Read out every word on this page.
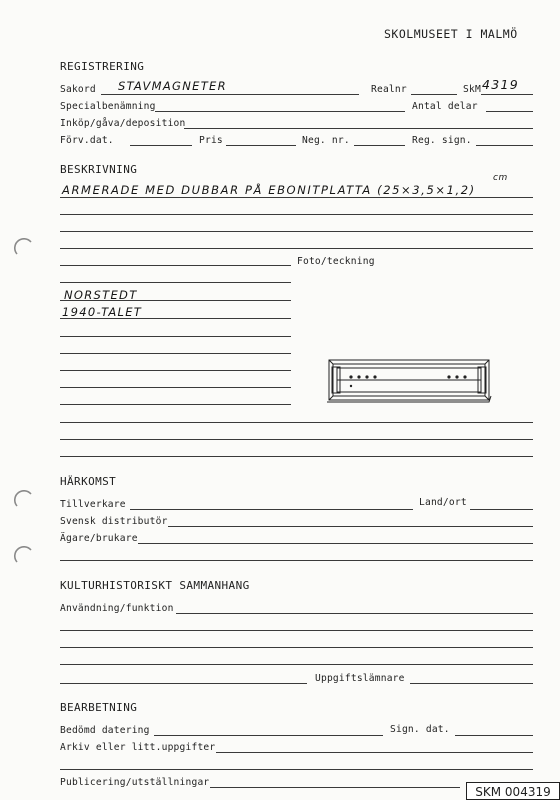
SKOLMUSEET I MALMÖ
REGISTRERING
Sakord STAVMAGNETER	Realnr	SkM 4319
Specialbenämning	Antal delar
Inköp/gåva/deposition
Förv.dat.	Pris	Neg. nr.	Reg. sign.
BESKRIVNING
ARMERADE MED DUBBAR PÅ EBONITPLATTA (25×3,5×1,2)
cm
Foto/teckning
NORSTEDT
1940-TALET
HÄRKOMST
Tillverkare	Land/ort
Svensk distributör
Ägare/brukare
KULTURHISTORISKT SAMMANHANG
Användning/funktion
Uppgiftslämnare
BEARBETNING
Bedömd datering	Sign. dat.
Arkiv eller litt.uppgifter
Publicering/utställningar
SKM 004319
